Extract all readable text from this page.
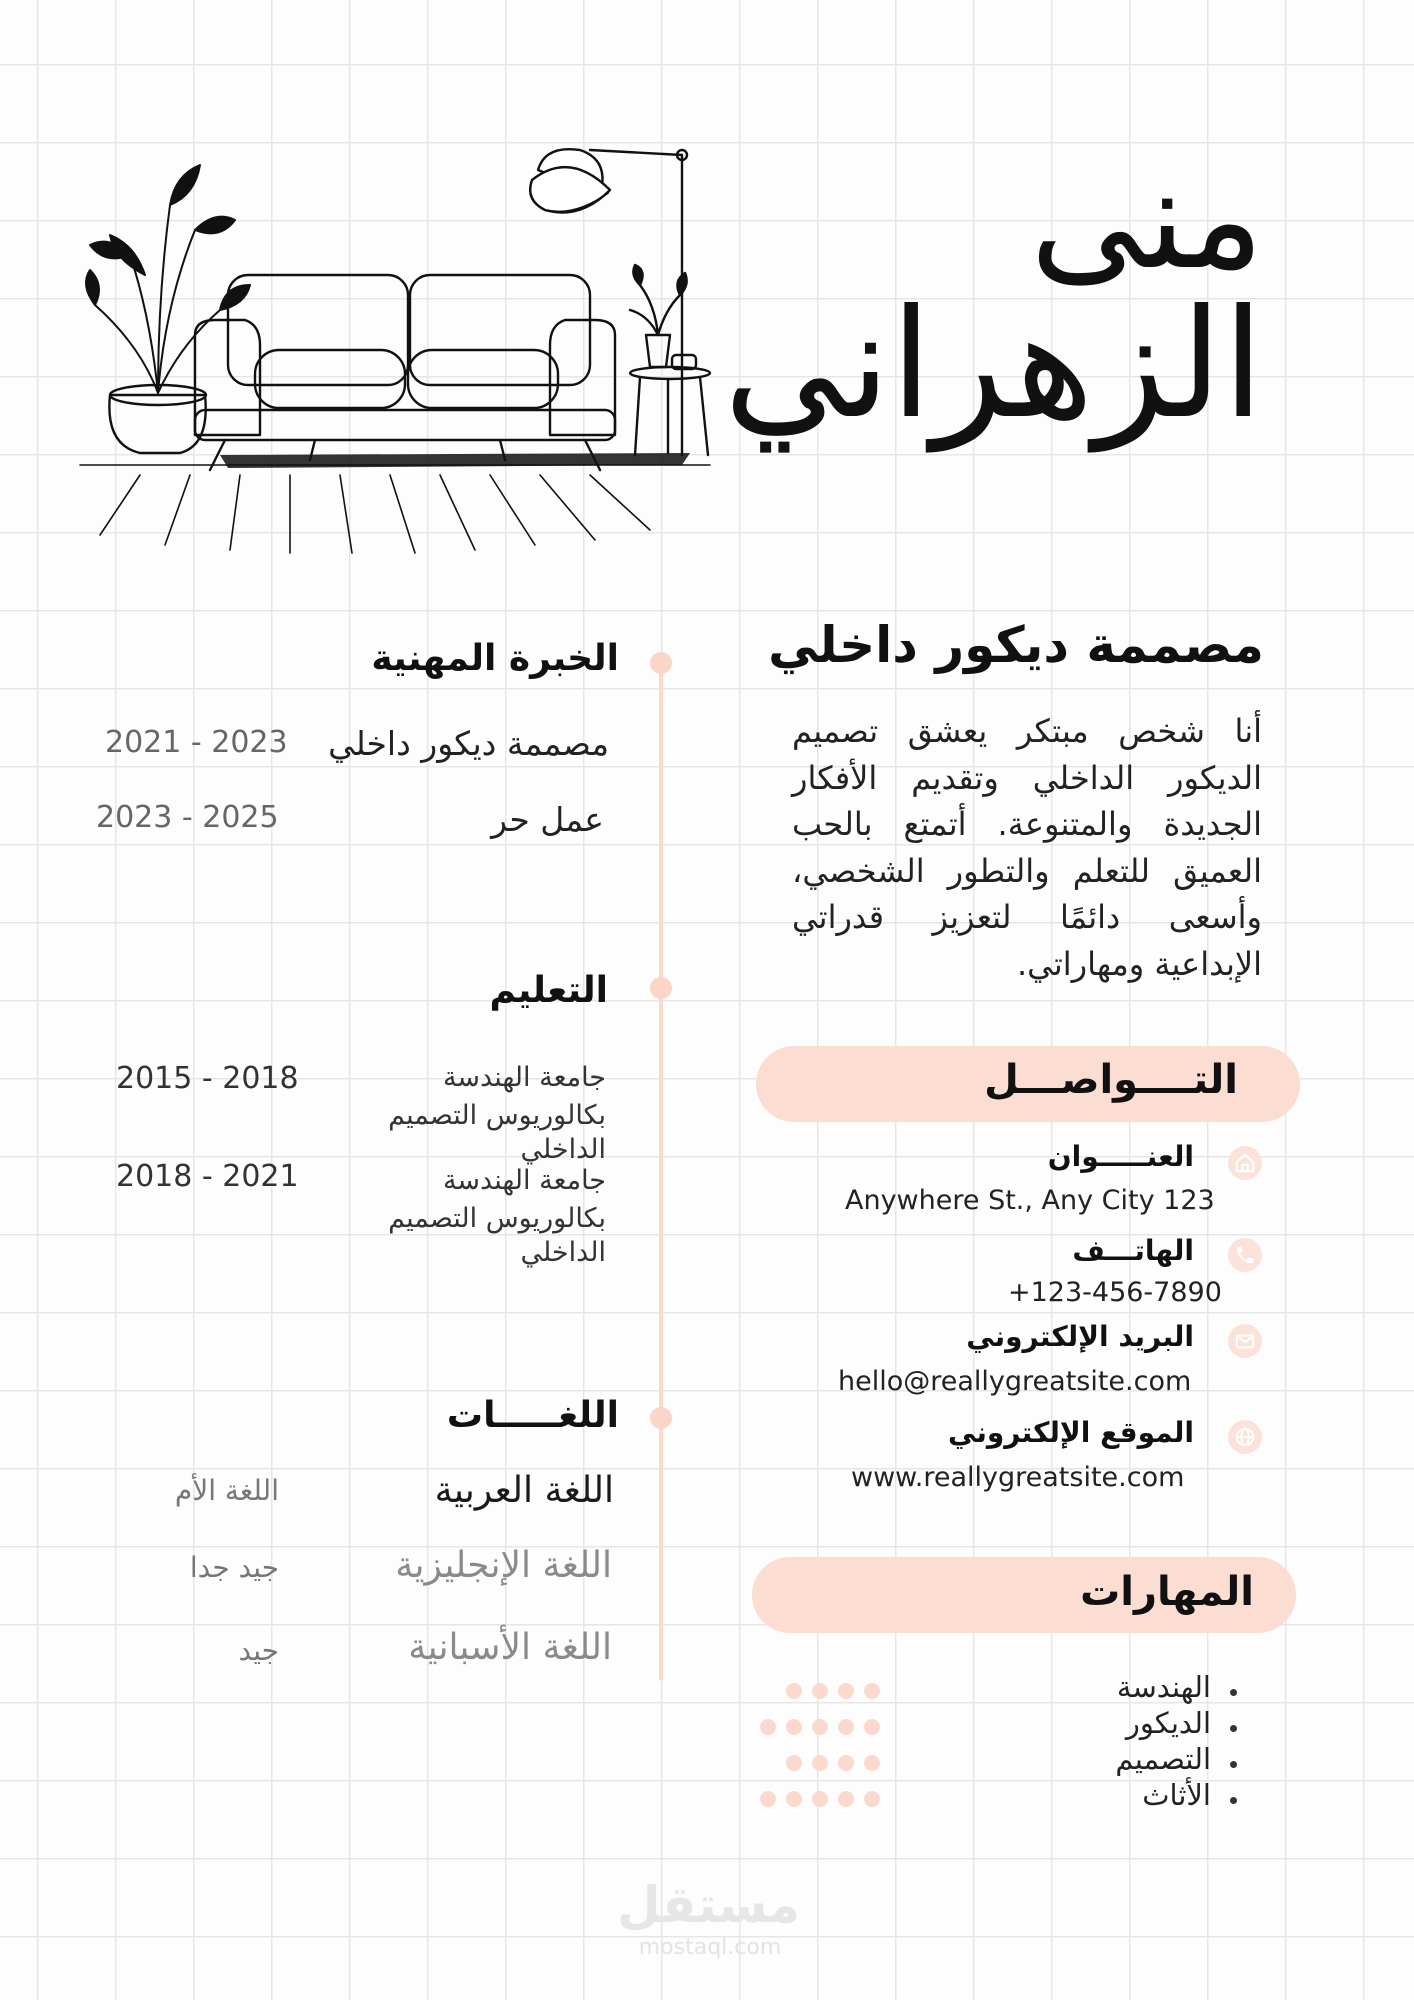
منى
الزهراني
مصممة ديكور داخلي
أنا شخص مبتكر يعشق تصميم الديكور الداخلي وتقديم الأفكار الجديدة والمتنوعة. أتمتع بالحب العميق للتعلم والتطور الشخصي، وأسعى دائمًا لتعزيز قدراتي الإبداعية ومهاراتي.
التــــواصـــل
العنـــــوان
Anywhere St., Any City 123
الهاتـــف
+123-456-7890
البريد الإلكتروني
hello@reallygreatsite.com
الموقع الإلكتروني
www.reallygreatsite.com
المهارات
الهندسة
الديكور
التصميم
الأثاث
الخبرة المهنية
مصممة ديكور داخلي
2021 - 2023
عمل حر
2023 - 2025
التعليم
جامعة الهندسة
بكالوريوس التصميم
الداخلي
2015 - 2018
جامعة الهندسة
بكالوريوس التصميم
الداخلي
2018 - 2021
اللغـــــات
اللغة العربية
اللغة الأم
اللغة الإنجليزية
جيد جدا
اللغة الأسبانية
جيد
مستقل
mostaql.com
